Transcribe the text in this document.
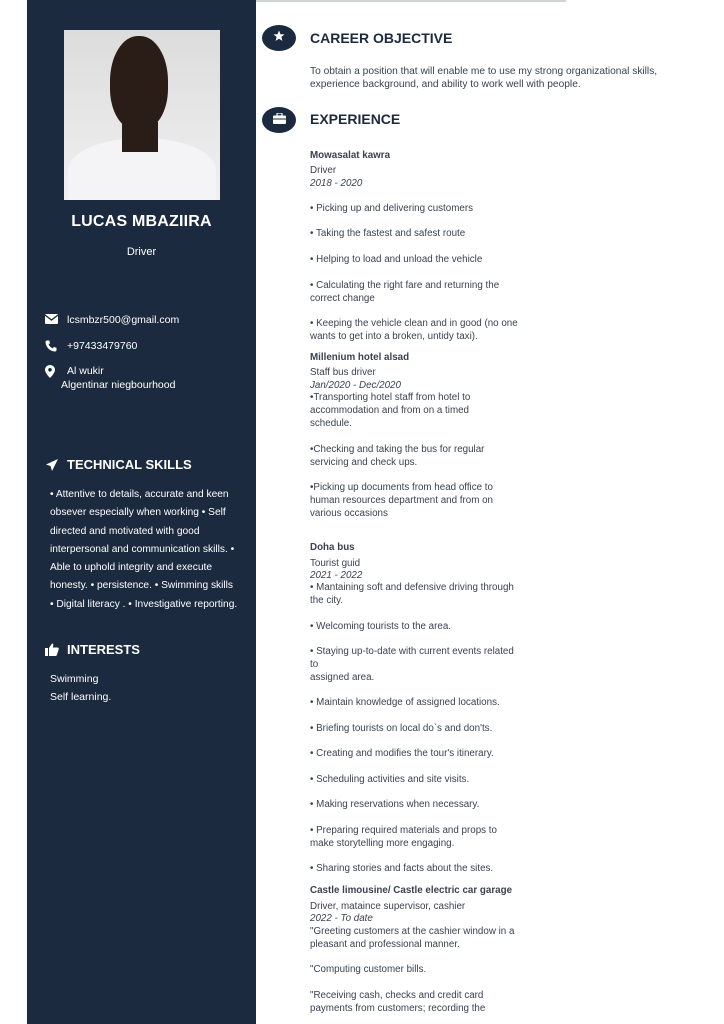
LUCAS MBAZIIRA
Driver
lcsmbzr500@gmail.com
+97433479760
Al wukir
Algentinar niegbourhood
TECHNICAL SKILLS
• Attentive to details, accurate and keen
obsever especially when working • Self
directed and motivated with good
interpersonal and communication skills. •
Able to uphold integrity and execute
honesty. • persistence. • Swimming skills
• Digital literacy . • Investigative reporting.
INTERESTS
Swimming
Self learning.
CAREER OBJECTIVE
To obtain a position that will enable me to use my strong organizational skills,
experience background, and ability to work well with people.
EXPERIENCE
Mowasalat kawra
Driver
2018 - 2020
• Picking up and delivering customers
• Taking the fastest and safest route
• Helping to load and unload the vehicle
• Calculating the right fare and returning the
correct change
• Keeping the vehicle clean and in good (no one
wants to get into a broken, untidy taxi).
Millenium hotel alsad
Staff bus driver
Jan/2020 - Dec/2020
•Transporting hotel staff from hotel to
accommodation and from on a timed
schedule.
•Checking and taking the bus for regular
servicing and check ups.
•Picking up documents from head office to
human resources department and from on
various occasions
Doha bus
Tourist guid
2021 - 2022
• Mantaining soft and defensive driving through
the city.
• Welcoming tourists to the area.
• Staying up-to-date with current events related
to
assigned area.
• Maintain knowledge of assigned locations.
• Briefing tourists on local do`s and don'ts.
• Creating and modifies the tour's itinerary.
• Scheduling activities and site visits.
• Making reservations when necessary.
• Preparing required materials and props to
make storytelling more engaging.
• Sharing stories and facts about the sites.
Castle limousine/ Castle electric car garage
Driver, mataince supervisor, cashier
2022 - To date
"Greeting customers at the cashier window in a
pleasant and professional manner.
"Computing customer bills.
"Receiving cash, checks and credit card
payments from customers; recording the
